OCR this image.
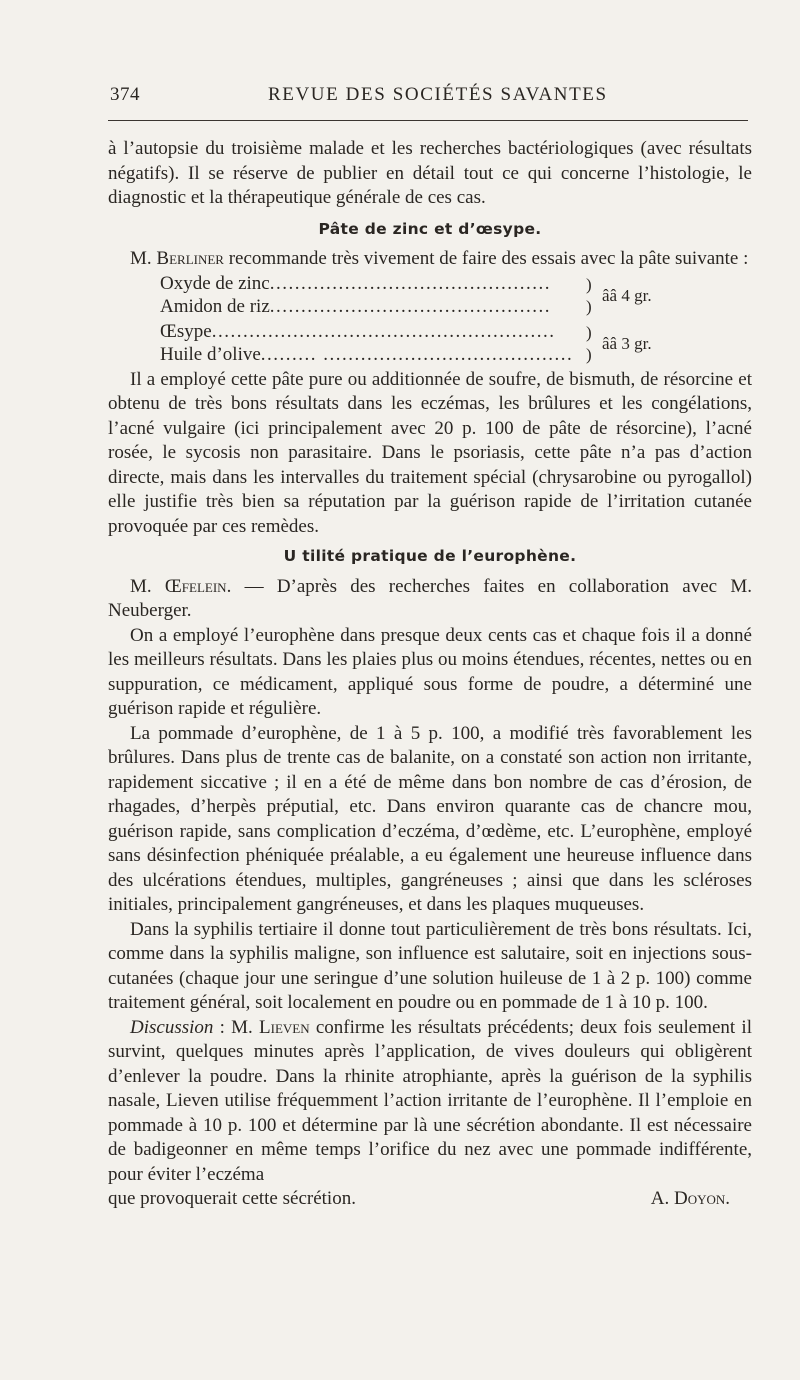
374	REVUE DES SOCIÉTÉS SAVANTES

à l’autopsie du troisième malade et les recherches bactériologiques (avec résultats négatifs). Il se réserve de publier en détail tout ce qui concerne l’histologie, le diagnostic et la thérapeutique générale de ces cas.

Pâte de zinc et d’œsype.

M. Berliner recommande très vivement de faire des essais avec la pâte suivante :

Oxyde de zinc .............................................
Amidon de riz .............................................
Œsype .......................................................
Huile d’olive ......... ........................................
)
)
ââ 4 gr.
)
)
ââ 3 gr.

Il a employé cette pâte pure ou additionnée de soufre, de bismuth, de résorcine et obtenu de très bons résultats dans les eczémas, les brûlures et les congélations, l’acné vulgaire (ici principalement avec 20 p. 100 de pâte de résorcine), l’acné rosée, le sycosis non parasitaire. Dans le psoriasis, cette pâte n’a pas d’action directe, mais dans les intervalles du traitement spécial (chrysarobine ou pyrogallol) elle justifie très bien sa réputation par la guérison rapide de l’irritation cutanée provoquée par ces remèdes.

U tilité pratique de l’europhène.

M. Œfelein. — D’après des recherches faites en collaboration avec M. Neuberger.

On a employé l’europhène dans presque deux cents cas et chaque fois il a donné les meilleurs résultats. Dans les plaies plus ou moins étendues, récentes, nettes ou en suppuration, ce médicament, appliqué sous forme de poudre, a déterminé une guérison rapide et régulière.

La pommade d’europhène, de 1 à 5 p. 100, a modifié très favorablement les brûlures. Dans plus de trente cas de balanite, on a constaté son action non irritante, rapidement siccative ; il en a été de même dans bon nombre de cas d’érosion, de rhagades, d’herpès préputial, etc. Dans environ quarante cas de chancre mou, guérison rapide, sans complication d’eczéma, d’œdème, etc. L’europhène, employé sans désinfection phéniquée préalable, a eu également une heureuse influence dans des ulcérations étendues, multiples, gangréneuses ; ainsi que dans les scléroses initiales, principalement gangréneuses, et dans les plaques muqueuses.

Dans la syphilis tertiaire il donne tout particulièrement de très bons résultats. Ici, comme dans la syphilis maligne, son influence est salutaire, soit en injections sous-cutanées (chaque jour une seringue d’une solution huileuse de 1 à 2 p. 100) comme traitement général, soit localement en poudre ou en pommade de 1 à 10 p. 100.

Discussion : M. Lieven confirme les résultats précédents; deux fois seulement il survint, quelques minutes après l’application, de vives douleurs qui obligèrent d’enlever la poudre. Dans la rhinite atrophiante, après la guérison de la syphilis nasale, Lieven utilise fréquemment l’action irritante de l’europhène. Il l’emploie en pommade à 10 p. 100 et détermine par là une sécrétion abondante. Il est nécessaire de badigeonner en même temps l’orifice du nez avec une pommade indifférente, pour éviter l’eczéma

que provoquerait cette sécrétion.	A. Doyon.
